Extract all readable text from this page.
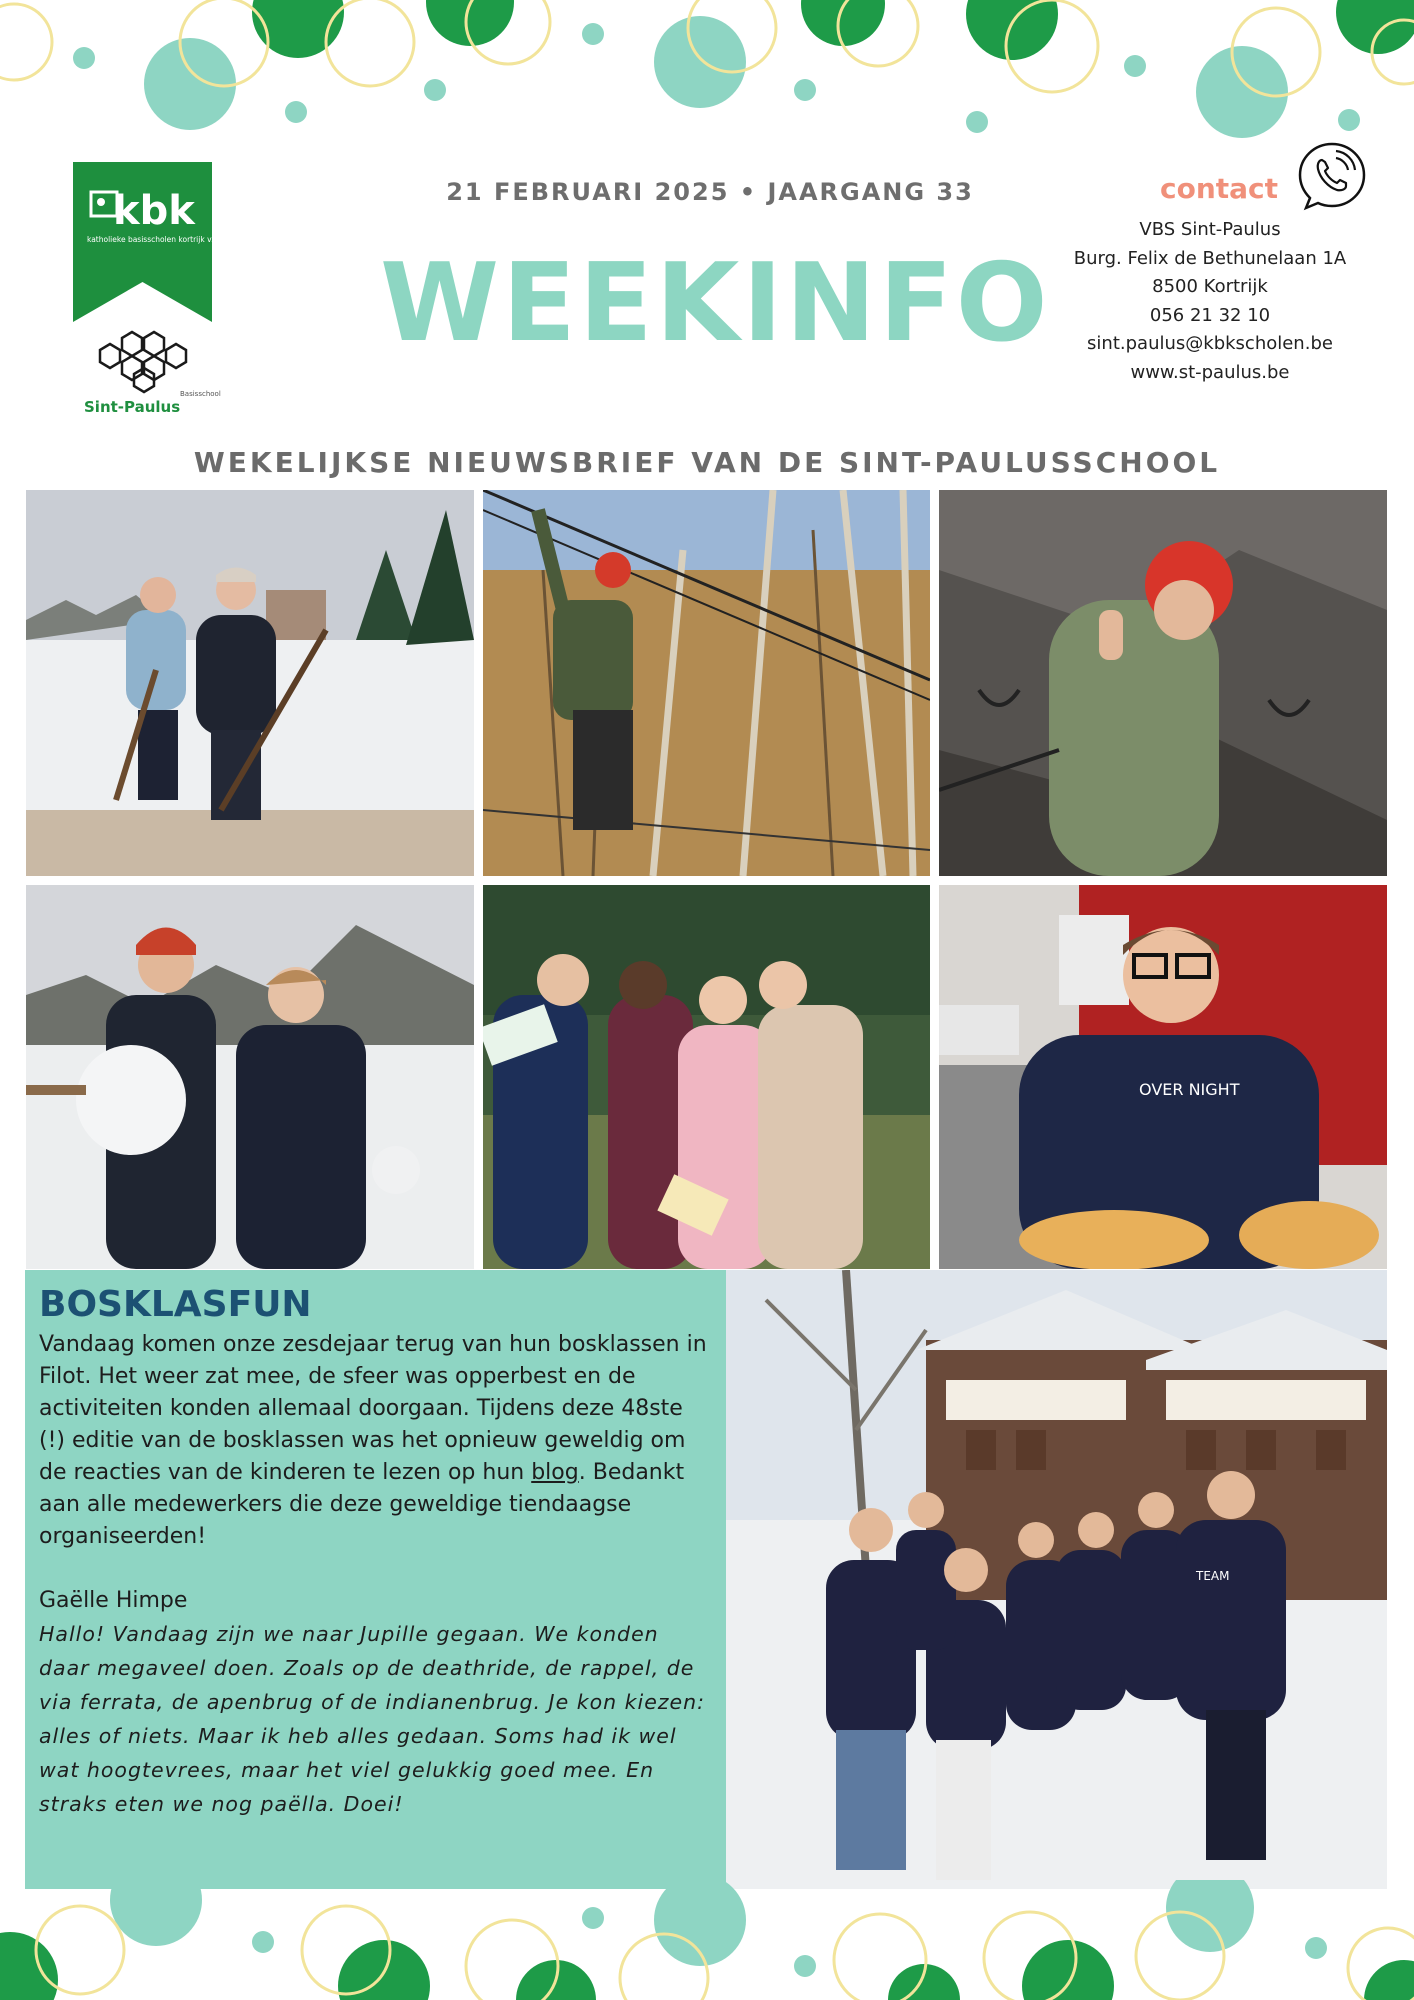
kbk
katholieke basisscholen kortrijk vzw
Basisschool
Sint-Paulus
21 FEBRUARI 2025 • JAARGANG 33
WEEKINFO
WEKELIJKSE NIEUWSBRIEF VAN DE SINT-PAULUSSCHOOL
contact
VBS Sint-Paulus
Burg. Felix de Bethunelaan 1A
8500 Kortrijk
056 21 32 10
sint.paulus@kbkscholen.be
www.st-paulus.be
OVER NIGHT
BOSKLASFUN

Vandaag komen onze zesdejaar terug van hun bosklassen in Filot. Het weer zat mee, de sfeer was opperbest en de activiteiten konden allemaal doorgaan. Tijdens deze 48ste (!) editie van de bosklassen was het opnieuw geweldig om de reacties van de kinderen te lezen op hun blog. Bedankt aan alle medewerkers die deze geweldige tiendaagse organiseerden!

Gaëlle Himpe

Hallo! Vandaag zijn we naar Jupille gegaan. We konden daar megaveel doen. Zoals op de deathride, de rappel, de via ferrata, de apenbrug of de indianenbrug. Je kon kiezen: alles of niets. Maar ik heb alles gedaan. Soms had ik wel wat hoogtevrees, maar het viel gelukkig goed mee. En straks eten we nog paëlla. Doei!

TEAM
